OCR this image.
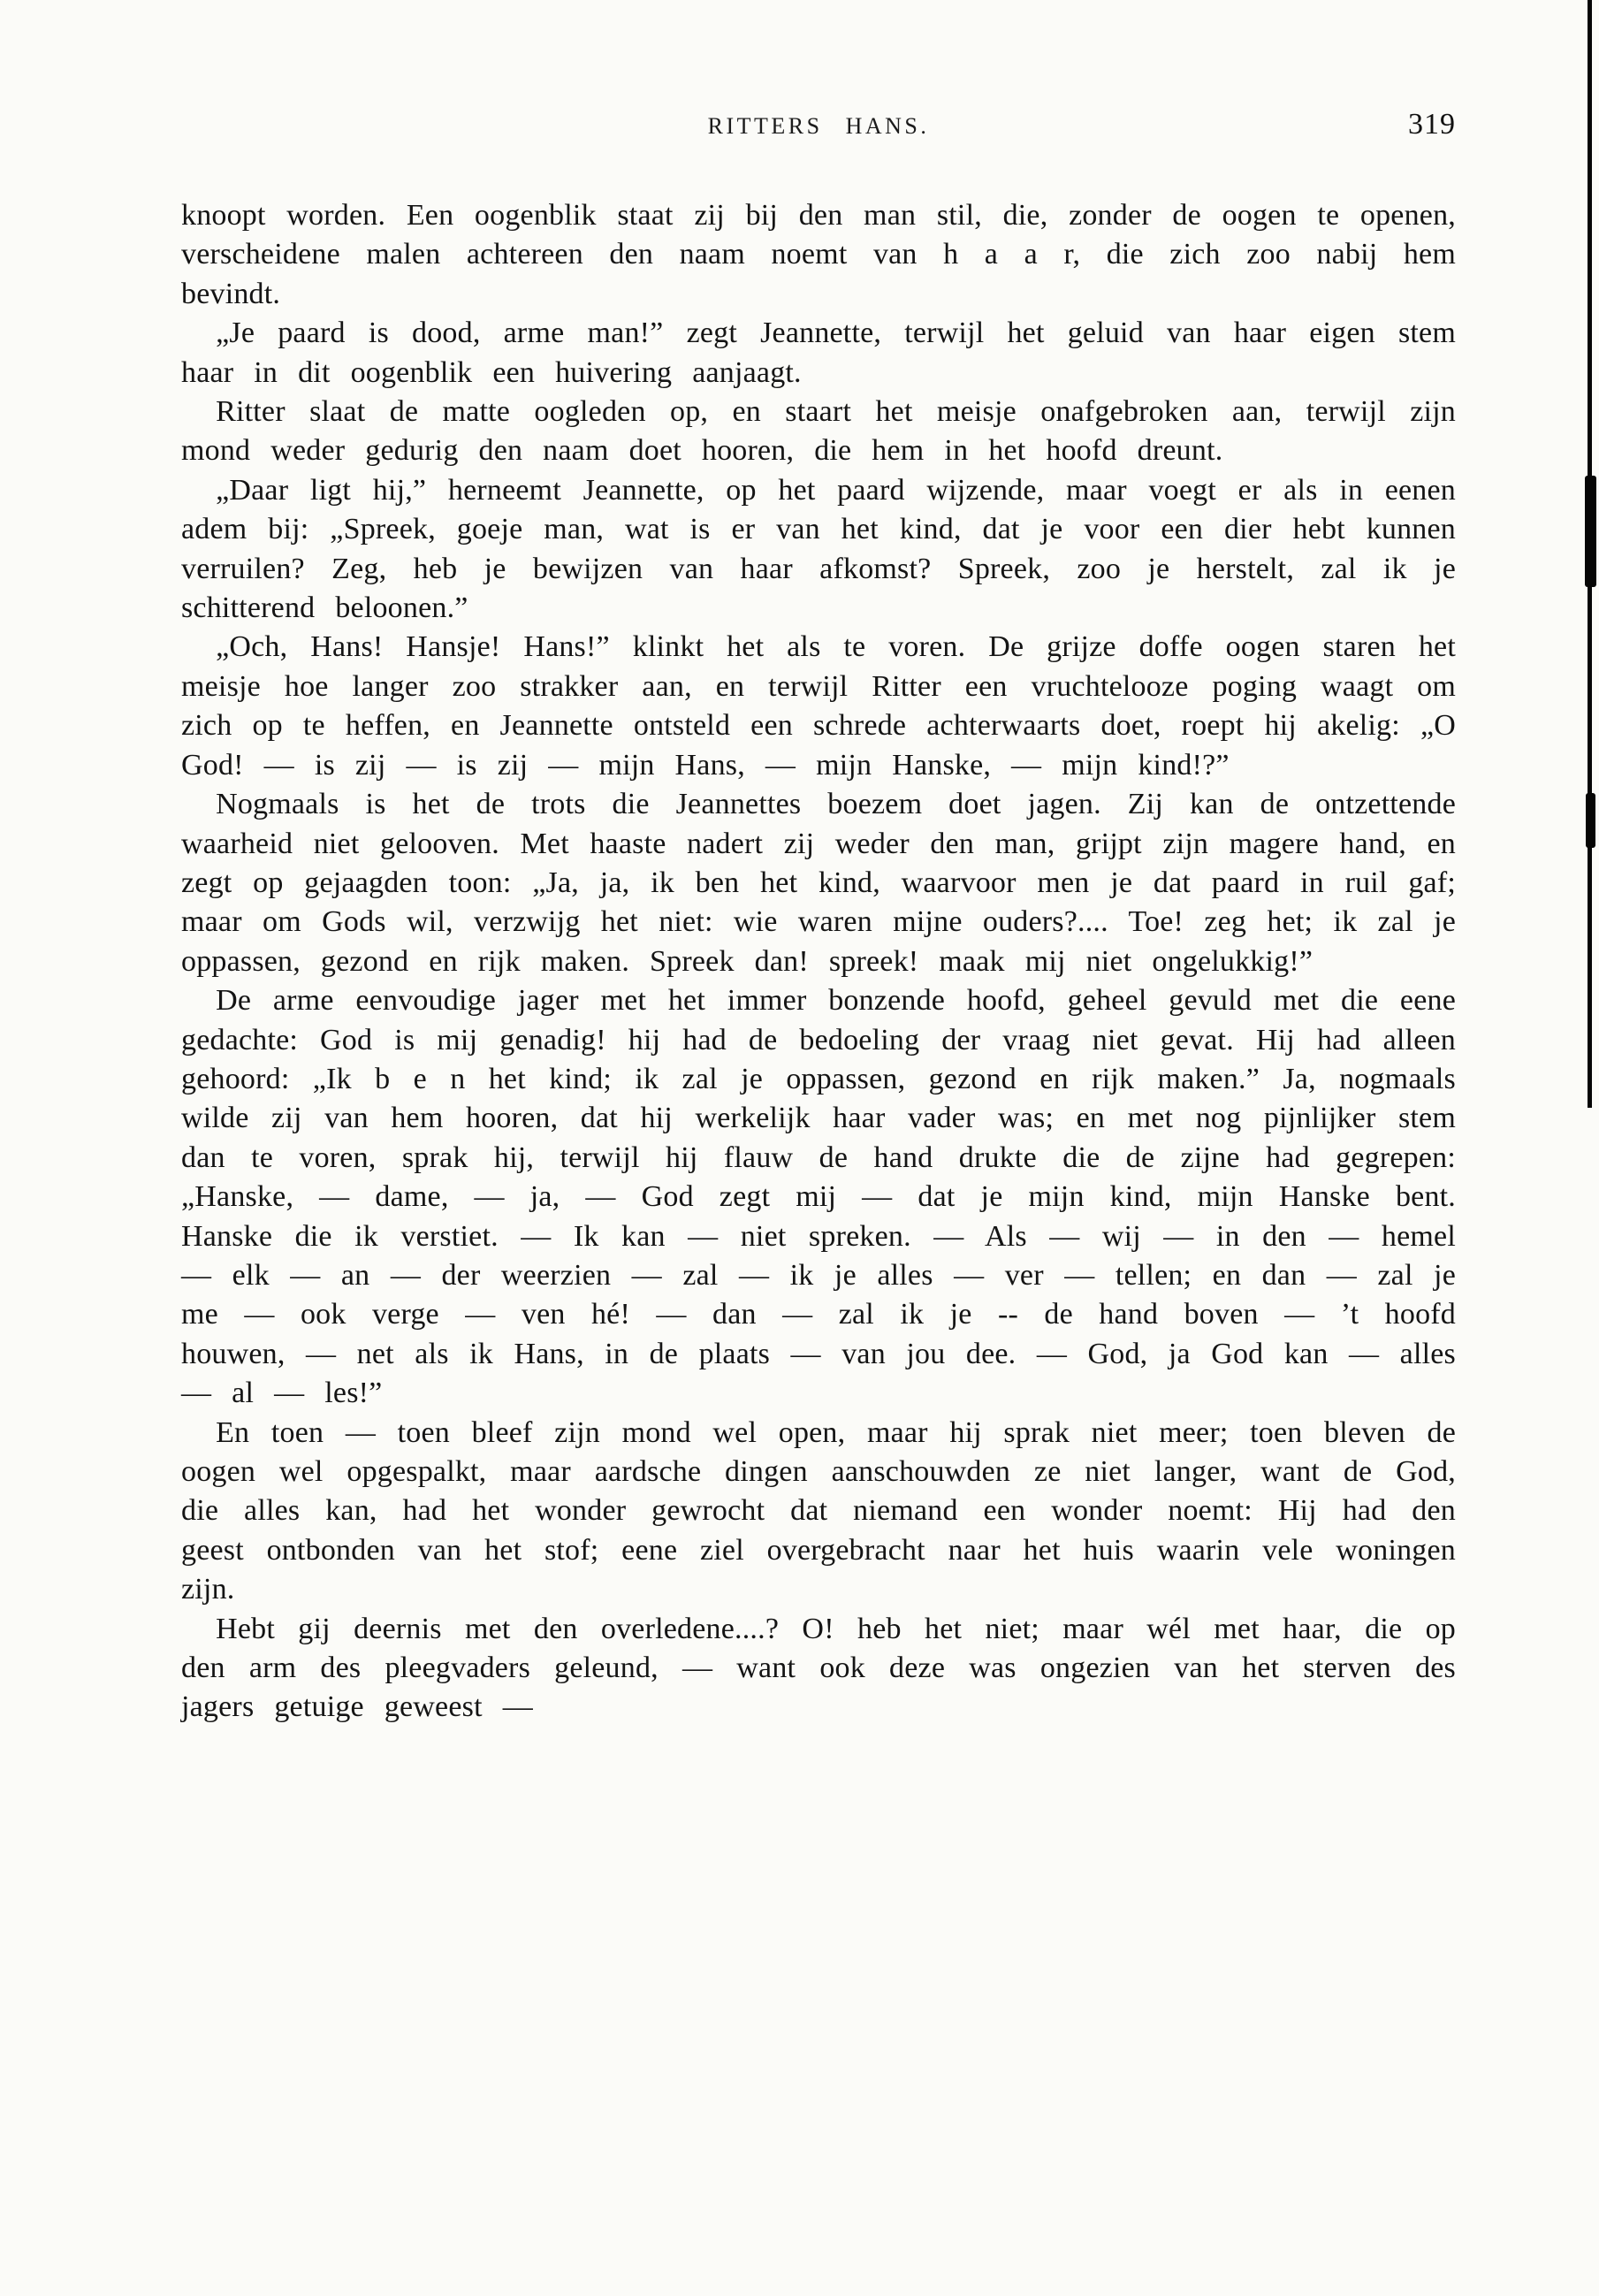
RITTERS HANS.	319

knoopt worden. Een oogenblik staat zij bij den man stil, die, zonder de oogen te openen, verscheidene malen achtereen den naam noemt van h a a r, die zich zoo nabij hem bevindt.

„Je paard is dood, arme man!” zegt Jeannette, terwijl het geluid van haar eigen stem haar in dit oogenblik een huivering aanjaagt.

Ritter slaat de matte oogleden op, en staart het meisje onafgebroken aan, terwijl zijn mond weder gedurig den naam doet hooren, die hem in het hoofd dreunt.

„Daar ligt hij,” herneemt Jeannette, op het paard wijzende, maar voegt er als in eenen adem bij: „Spreek, goeje man, wat is er van het kind, dat je voor een dier hebt kunnen verruilen? Zeg, heb je bewijzen van haar afkomst? Spreek, zoo je herstelt, zal ik je schitterend beloonen.”

„Och, Hans! Hansje! Hans!” klinkt het als te voren. De grijze doffe oogen staren het meisje hoe langer zoo strakker aan, en terwijl Ritter een vruchtelooze poging waagt om zich op te heffen, en Jeannette ontsteld een schrede achterwaarts doet, roept hij akelig: „O God! — is zij — is zij — mijn Hans, — mijn Hanske, — mijn kind!?”

Nogmaals is het de trots die Jeannettes boezem doet jagen. Zij kan de ontzettende waarheid niet gelooven. Met haaste nadert zij weder den man, grijpt zijn magere hand, en zegt op gejaagden toon: „Ja, ja, ik ben het kind, waarvoor men je dat paard in ruil gaf; maar om Gods wil, verzwijg het niet: wie waren mijne ouders?.... Toe! zeg het; ik zal je oppassen, gezond en rijk maken. Spreek dan! spreek! maak mij niet ongelukkig!”

De arme eenvoudige jager met het immer bonzende hoofd, geheel gevuld met die eene gedachte: God is mij genadig! hij had de bedoeling der vraag niet gevat. Hij had alleen gehoord: „Ik b e n het kind; ik zal je oppassen, gezond en rijk maken.” Ja, nogmaals wilde zij van hem hooren, dat hij werkelijk haar vader was; en met nog pijnlijker stem dan te voren, sprak hij, terwijl hij flauw de hand drukte die de zijne had gegrepen: „Hanske, — dame, — ja, — God zegt mij — dat je mijn kind, mijn Hanske bent. Hanske die ik verstiet. — Ik kan — niet spreken. — Als — wij — in den — hemel — elk — an — der weerzien — zal — ik je alles — ver — tellen; en dan — zal je me — ook verge — ven hé! — dan — zal ik je -- de hand boven — ’t hoofd houwen, — net als ik Hans, in de plaats — van jou dee. — God, ja God kan — alles — al — les!”

En toen — toen bleef zijn mond wel open, maar hij sprak niet meer; toen bleven de oogen wel opgespalkt, maar aardsche dingen aanschouwden ze niet langer, want de God, die alles kan, had het wonder gewrocht dat niemand een wonder noemt: Hij had den geest ontbonden van het stof; eene ziel overgebracht naar het huis waarin vele woningen zijn.

Hebt gij deernis met den overledene....? O! heb het niet; maar wél met haar, die op den arm des pleegvaders geleund, — want ook deze was ongezien van het sterven des jagers getuige geweest —
